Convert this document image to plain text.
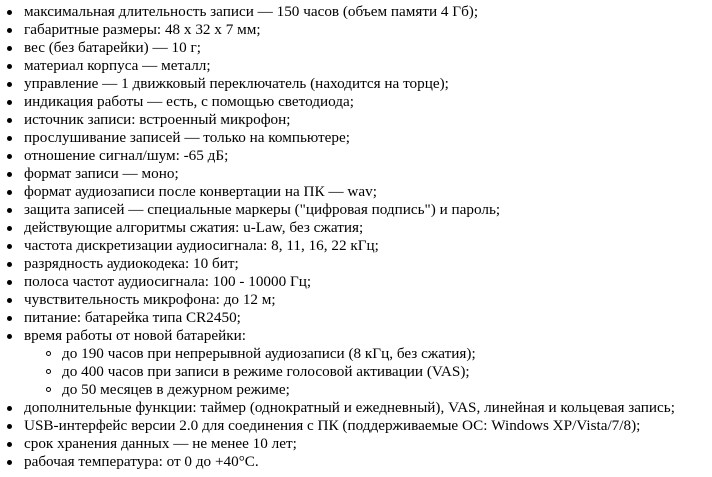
максимальная длительность записи — 150 часов (объем памяти 4 Гб);
габаритные размеры: 48 х 32 х 7 мм;
вес (без батарейки) — 10 г;
материал корпуса — металл;
управление — 1 движковый переключатель (находится на торце);
индикация работы — есть, с помощью светодиода;
источник записи: встроенный микрофон;
прослушивание записей — только на компьютере;
отношение сигнал/шум: -65 дБ;
формат записи — моно;
формат аудиозаписи после конвертации на ПК — wav;
защита записей — специальные маркеры ("цифровая подпись") и пароль;
действующие алгоритмы сжатия: u-Law, без сжатия;
частота дискретизации аудиосигнала: 8, 11, 16, 22 кГц;
разрядность аудиокодека: 10 бит;
полоса частот аудиосигнала: 100 - 10000 Гц;
чувствительность микрофона: до 12 м;
питание: батарейка типа CR2450;
время работы от новой батарейки:
до 190 часов при непрерывной аудиозаписи (8 кГц, без сжатия);
до 400 часов при записи в режиме голосовой активации (VAS);
до 50 месяцев в дежурном режиме;
дополнительные функции: таймер (однократный и ежедневный), VAS, линейная и кольцевая запись;
USB-интерфейс версии 2.0 для соединения с ПК (поддерживаемые ОС: Windows XP/Vista/7/8);
срок хранения данных — не менее 10 лет;
рабочая температура: от 0 до +40°С.
